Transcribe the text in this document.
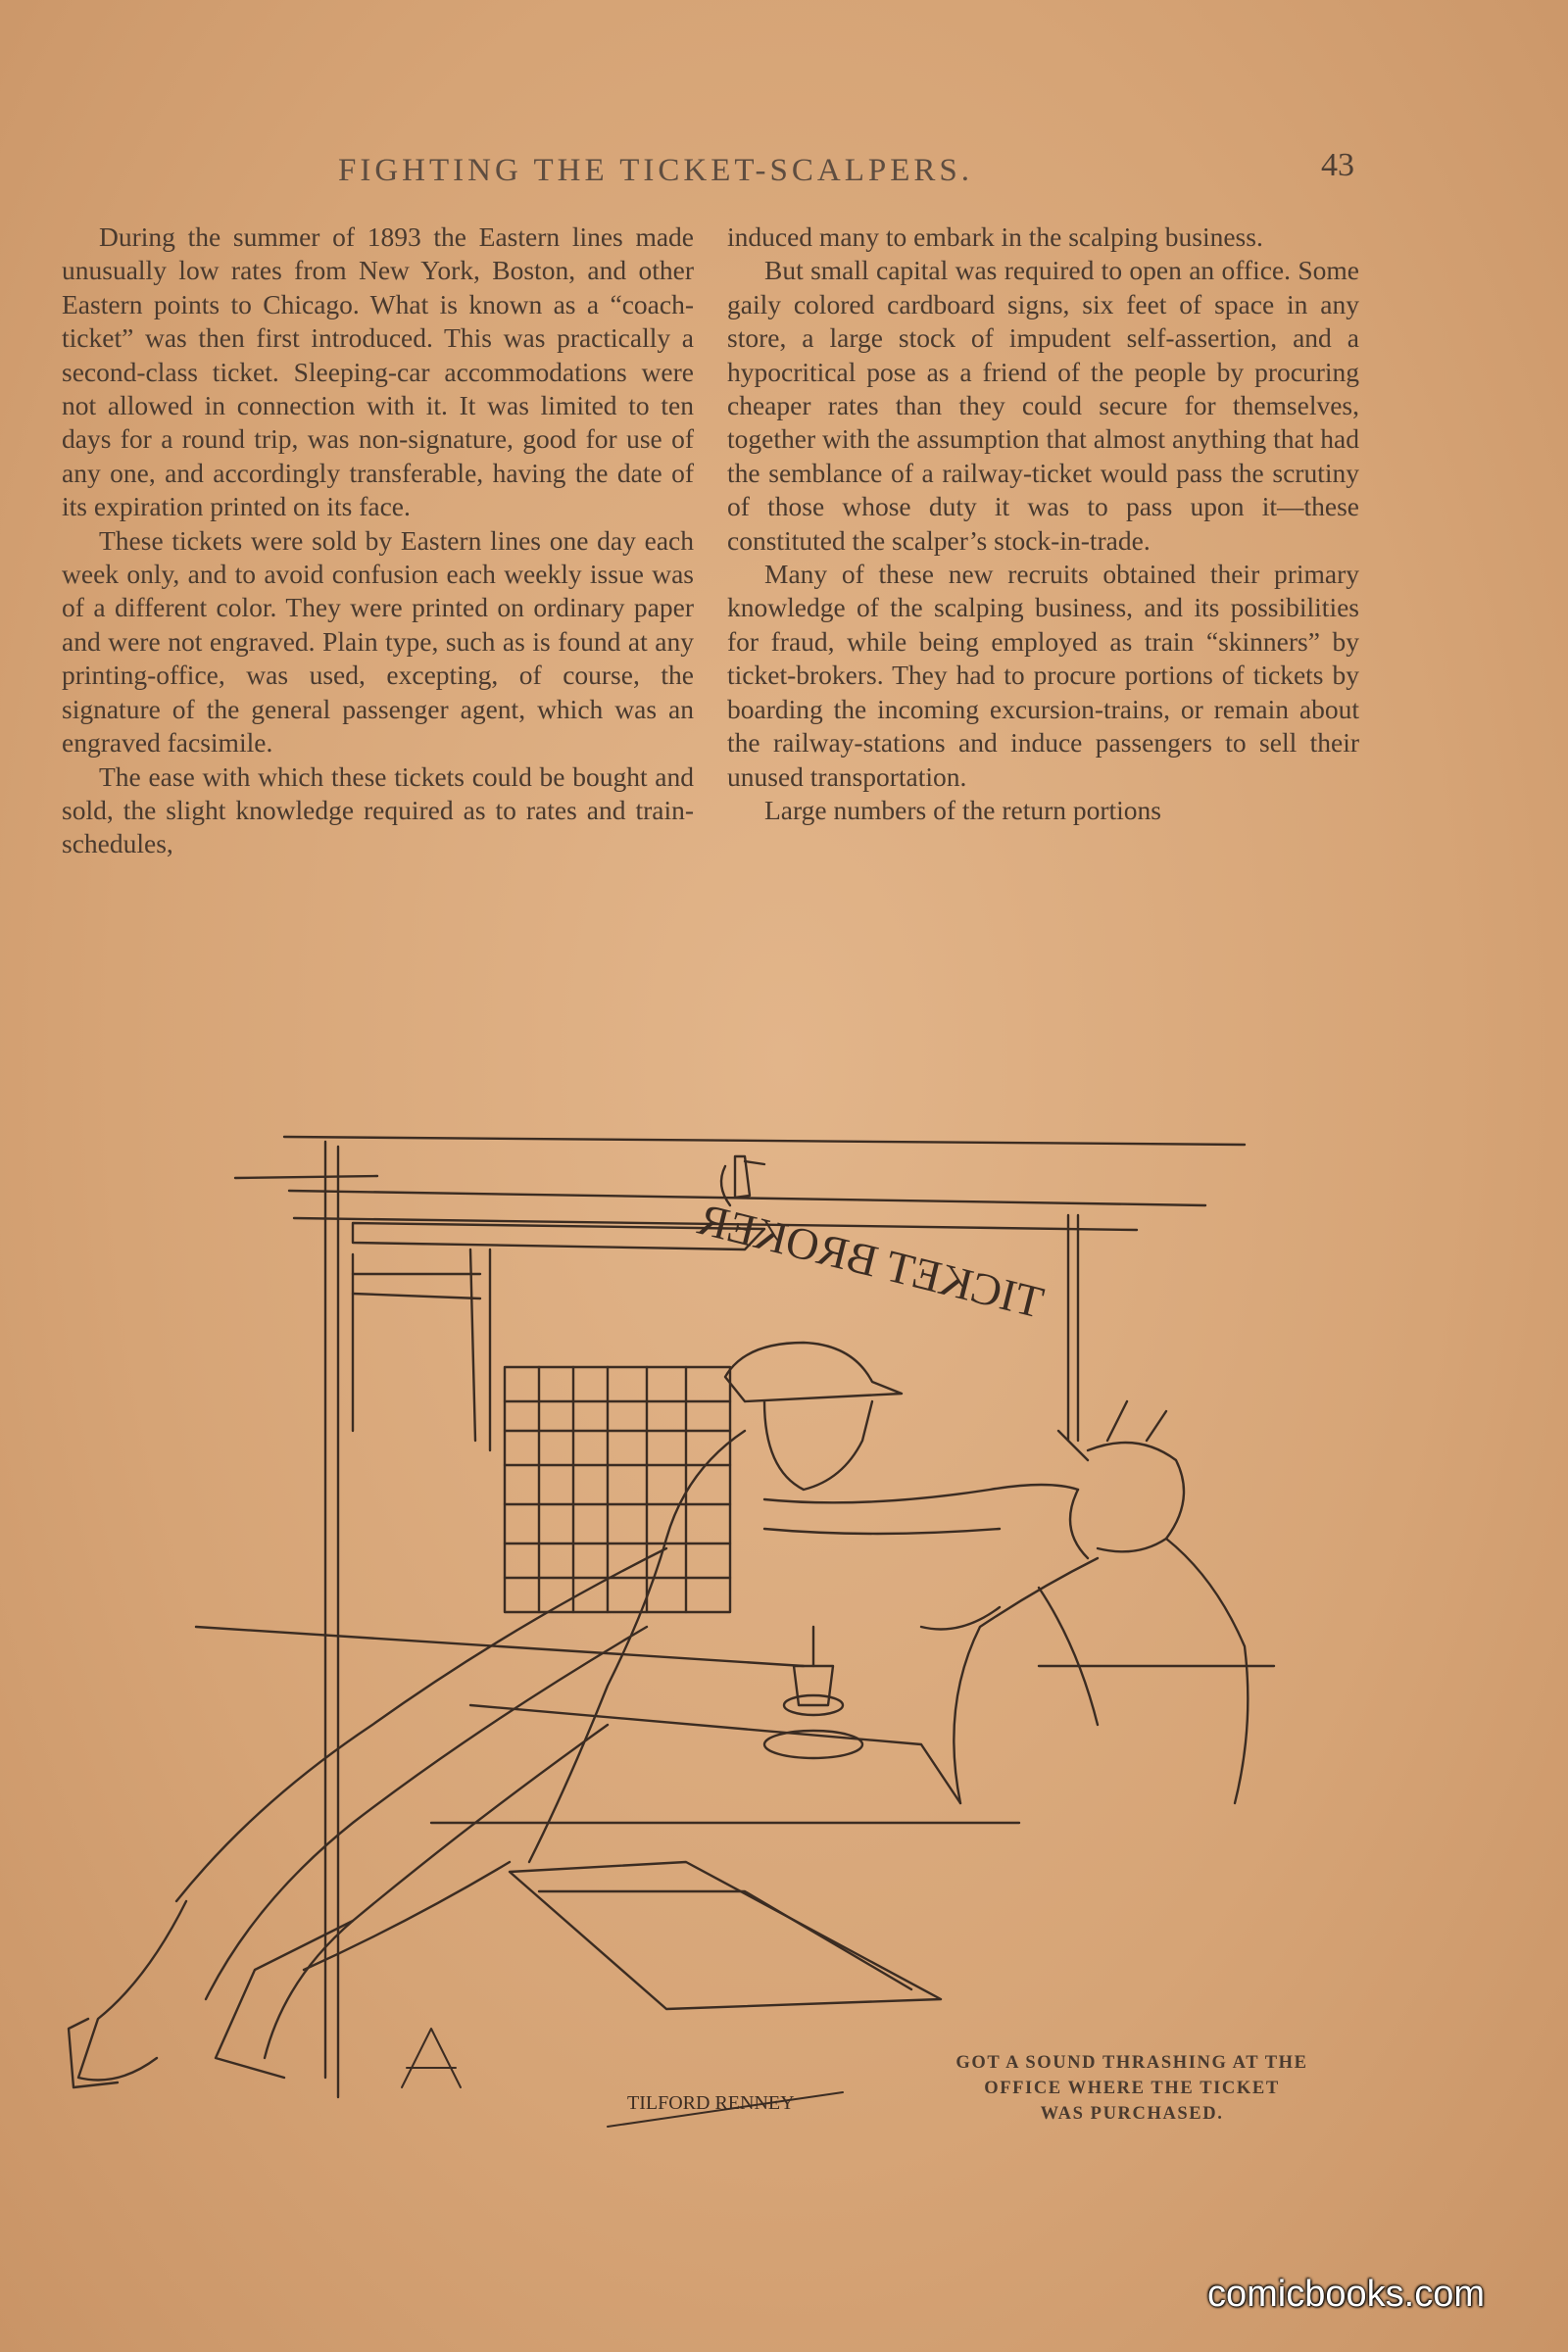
FIGHTING THE TICKET-SCALPERS.	43

During the summer of 1893 the Eastern lines made unusually low rates from New York, Boston, and other Eastern points to Chicago. What is known as a “coach-ticket” was then first introduced. This was practically a second-class ticket. Sleeping-car accommodations were not allowed in connection with it. It was limited to ten days for a round trip, was non-signature, good for use of any one, and accordingly transferable, having the date of its expiration printed on its face.

These tickets were sold by Eastern lines one day each week only, and to avoid confusion each weekly issue was of a different color. They were printed on ordinary paper and were not engraved. Plain type, such as is found at any printing-office, was used, excepting, of course, the signature of the general passenger agent, which was an engraved facsimile.

The ease with which these tickets could be bought and sold, the slight knowledge required as to rates and train-schedules,

induced many to embark in the scalping business.

But small capital was required to open an office. Some gaily colored cardboard signs, six feet of space in any store, a large stock of impudent self-assertion, and a hypocritical pose as a friend of the people by procuring cheaper rates than they could secure for themselves, together with the assumption that almost anything that had the semblance of a railway-ticket would pass the scrutiny of those whose duty it was to pass upon it—these constituted the scalper’s stock-in-trade.

Many of these new recruits obtained their primary knowledge of the scalping business, and its possibilities for fraud, while being employed as train “skinners” by ticket-brokers. They had to procure portions of tickets by boarding the incoming excursion-trains, or remain about the railway-stations and induce passengers to sell their unused transportation.

Large numbers of the return portions

TICKET BROKER
TILFORD RENNEY
GOT A SOUND THRASHING AT THE
OFFICE WHERE THE TICKET
WAS PURCHASED.
comicbooks.com
